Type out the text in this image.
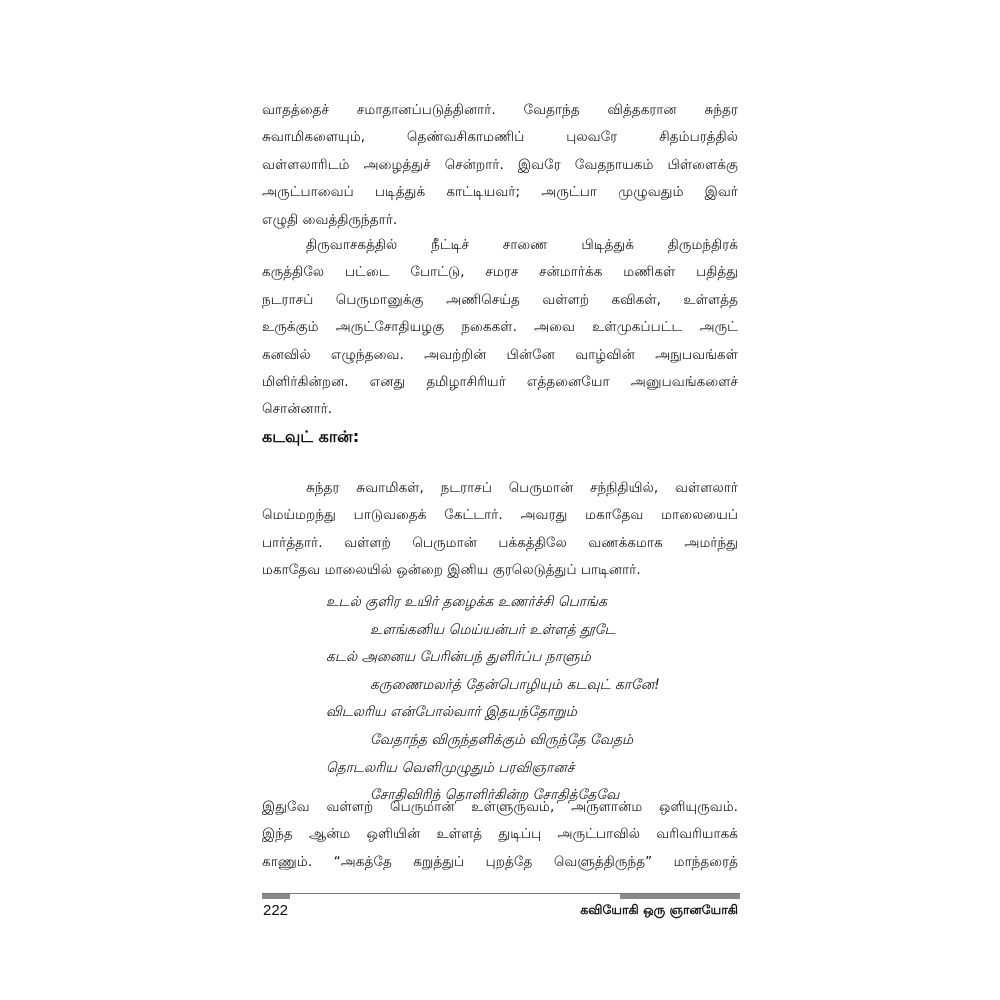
வாதத்தைச் சமாதானப்படுத்தினார். வேதாந்த வித்தகரான சுந்தர
சுவாமிகளையும், தெண்வசிகாமணிப் புலவரே சிதம்பரத்தில்
வள்ளலாரிடம் அழைத்துச் சென்றார். இவரே வேதநாயகம் பிள்ளைக்கு
அருட்பாவைப் படித்துக் காட்டியவர்; அருட்பா முழுவதும் இவர்
எழுதி வைத்திருந்தார்.
திருவாசகத்தில் நீட்டிச் சாணை பிடித்துக் திருமந்திரக்
கருத்திலே பட்டை போட்டு, சமரச சன்மார்க்க மணிகள் பதித்து
நடராசப் பெருமானுக்கு அணிசெய்த வள்ளற் கவிகள், உள்ளத்த
உருக்கும் அருட்சோதியழகு நகைகள். அவை உள்முகப்பட்ட அருட்
கனவில் எழுந்தவை. அவற்றின் பின்னே வாழ்வின் அநுபவங்கள்
மிளிர்கின்றன. எனது தமிழாசிரியர் எத்தனையோ அனுபவங்களைச்
சொன்னார்.
கடவுட் கான்:
சுந்தர சுவாமிகள், நடராசப் பெருமான் சந்நிதியில், வள்ளலார்
மெய்மறந்து பாடுவதைக் கேட்டார். அவரது மகாதேவ மாலையைப்
பார்த்தார். வள்ளற் பெருமான் பக்கத்திலே வணக்கமாக அமர்ந்து
மகாதேவ மாலையில் ஒன்றை இனிய குரலெடுத்துப் பாடினார்.
உடல் குளிர உயிர் தழைக்க உணர்ச்சி பொங்க
உளங்கனிய மெய்யன்பர் உள்ளத் தூடே
கடல் அனைய பேரின்பந் துளிர்ப்ப நாளும்
கருணைமலர்த் தேன்பொழியும் கடவுட் கானே!
விடலரிய என்போல்வார் இதயந்தோறும்
வேதாந்த விருந்தளிக்கும் விருந்தே வேதம்
தொடலரிய வெளிமுழுதும் பரவிஞானச்
சோதிவிரிந் தொளிர்கின்ற சோதித்தேவே
இதுவே வள்ளற் பெருமான் உள்ளுருவம், அருளான்ம ஒளியுருவம்.
இந்த ஆன்ம ஒளியின் உள்ளத் துடிப்பு அருட்பாவில் வரிவரியாகக்
காணும். “அகத்தே கறுத்துப் புறத்தே வெளுத்திருந்த” மாந்தரைத்
222	கவியோகி ஒரு ஞானயோகி
